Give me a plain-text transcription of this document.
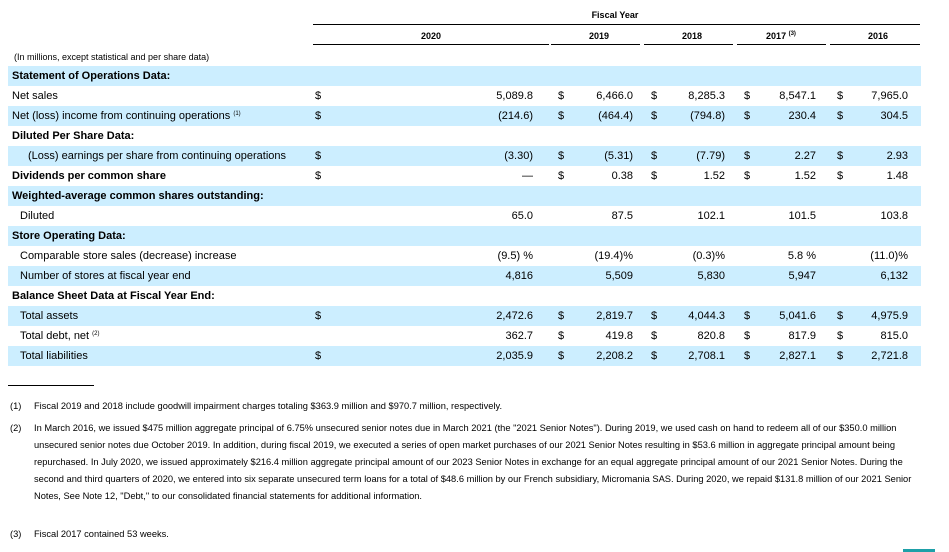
Fiscal Year
2020	2019	2018	2017 $^{(3)}$	2016
(In millions, except statistical and per share data)
Statement of Operations Data:
Net sales	$	5,089.8 $	6,466.0 $	8,285.3 $	8,547.1 $	7,965.0
Net (loss) income from continuing operations $^{(1)}$	$	(214.6) $	(464.4) $	(794.8) $	230.4 $	304.5
Diluted Per Share Data:
(Loss) earnings per share from continuing operations	$	(3.30) $	(5.31) $	(7.79) $	2.27 $	2.93
Dividends per common share	$	— $	0.38 $	1.52 $	1.52 $	1.48
Weighted-average common shares outstanding:
Diluted	65.0	87.5	102.1	101.5	103.8
Store Operating Data:
Comparable store sales (decrease) increase	(9.5) %	(19.4)%	(0.3)%	5.8 %	(11.0)%
Number of stores at fiscal year end	4,816	5,509	5,830	5,947	6,132
Balance Sheet Data at Fiscal Year End:
Total assets	$	2,472.6 $	2,819.7 $	4,044.3 $	5,041.6 $	4,975.9
Total debt, net $^{(2)}$	362.7 $	419.8 $	820.8 $	817.9 $	815.0
Total liabilities	$	2,035.9 $	2,208.2 $	2,708.1 $	2,827.1 $	2,721.8
(1) Fiscal 2019 and 2018 include goodwill impairment charges totaling $363.9 million and $970.7 million, respectively.
(2) In March 2016, we issued $475 million aggregate principal of 6.75% unsecured senior notes due in March 2021 (the "2021 Senior Notes"). During 2019, we used cash on hand to redeem all of our $350.0 million unsecured senior notes due October 2019. In addition, during fiscal 2019, we executed a series of open market purchases of our 2021 Senior Notes resulting in $53.6 million in aggregate principal amount being repurchased. In July 2020, we issued approximately $216.4 million aggregate principal amount of our 2023 Senior Notes in exchange for an equal aggregate principal amount of our 2021 Senior Notes. During the second and third quarters of 2020, we entered into six separate unsecured term loans for a total of $48.6 million by our French subsidiary, Micromania SAS. During 2020, we repaid $131.8 million of our 2021 Senior Notes, See Note 12, "Debt," to our consolidated financial statements for additional information.
(3) Fiscal 2017 contained 53 weeks.
